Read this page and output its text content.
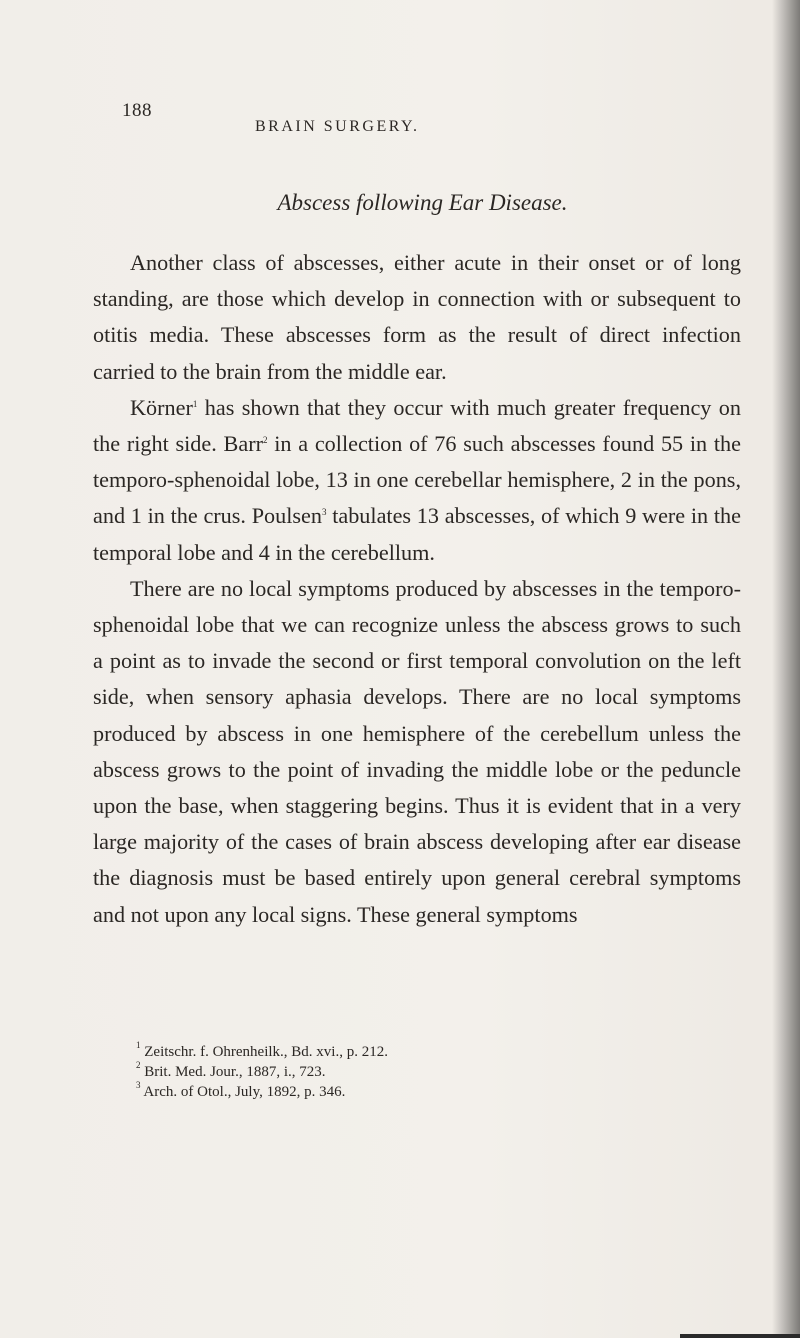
188
BRAIN SURGERY.
Abscess following Ear Disease.

Another class of abscesses, either acute in their onset or of long standing, are those which develop in connection with or subsequent to otitis media. These abscesses form as the result of direct infection carried to the brain from the middle ear.

Körner$^1$ has shown that they occur with much greater frequency on the right side. Barr$^2$ in a collection of 76 such abscesses found 55 in the temporo-sphenoidal lobe, 13 in one cerebellar hemisphere, 2 in the pons, and 1 in the crus. Poulsen$^3$ tabulates 13 abscesses, of which 9 were in the temporal lobe and 4 in the cerebellum.

There are no local symptoms produced by abscesses in the temporo-sphenoidal lobe that we can recognize unless the abscess grows to such a point as to invade the second or first temporal convolution on the left side, when sensory aphasia develops. There are no local symptoms produced by abscess in one hemisphere of the cerebellum unless the abscess grows to the point of invading the middle lobe or the peduncle upon the base, when staggering begins. Thus it is evident that in a very large majority of the cases of brain abscess developing after ear disease the diagnosis must be based entirely upon general cerebral symptoms and not upon any local signs. These general symptoms

$^1$ Zeitschr. f. Ohrenheilk., Bd. xvi., p. 212.
$^2$ Brit. Med. Jour., 1887, i., 723.
$^3$ Arch. of Otol., July, 1892, p. 346.
